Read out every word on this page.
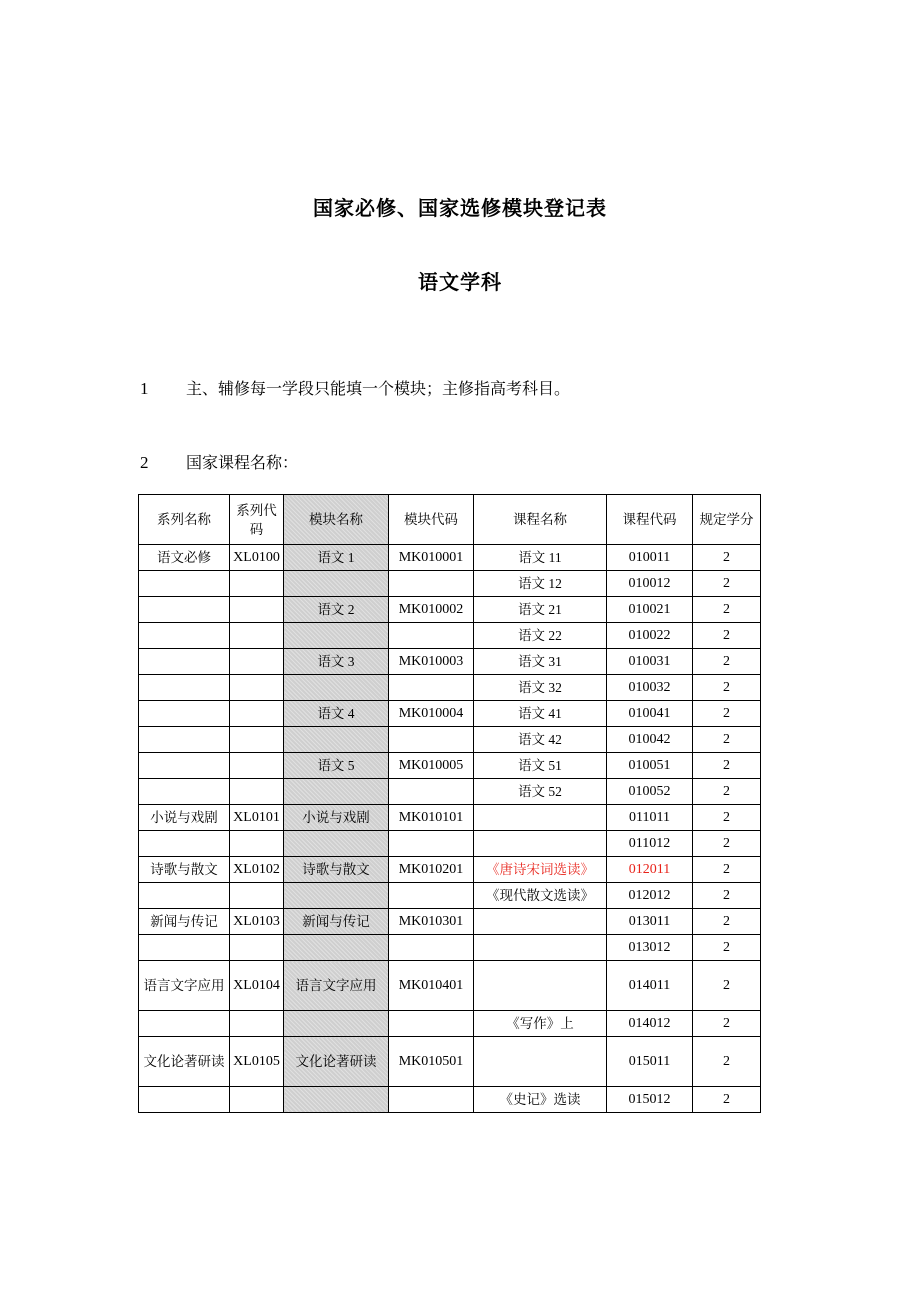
国家必修、国家选修模块登记表
语文学科
1 主、辅修每一学段只能填一个模块；主修指高考科目。
2 国家课程名称：
系列名称	系列代码	模块名称	模块代码	课程名称	课程代码	规定学分
语文必修	XL0100	语文 1	MK010001	语文 11	010011	2
				语文 12	010012	2
		语文 2	MK010002	语文 21	010021	2
				语文 22	010022	2
		语文 3	MK010003	语文 31	010031	2
				语文 32	010032	2
		语文 4	MK010004	语文 41	010041	2
				语文 42	010042	2
		语文 5	MK010005	语文 51	010051	2
				语文 52	010052	2
小说与戏剧	XL0101	小说与戏剧	MK010101		011011	2
					011012	2
诗歌与散文	XL0102	诗歌与散文	MK010201	《唐诗宋词选读》	012011	2
				《现代散文选读》	012012	2
新闻与传记	XL0103	新闻与传记	MK010301		013011	2
					013012	2
语言文字应用	XL0104	语言文字应用	MK010401		014011	2
				《写作》上	014012	2
文化论著研读	XL0105	文化论著研读	MK010501		015011	2
				《史记》选读	015012	2
